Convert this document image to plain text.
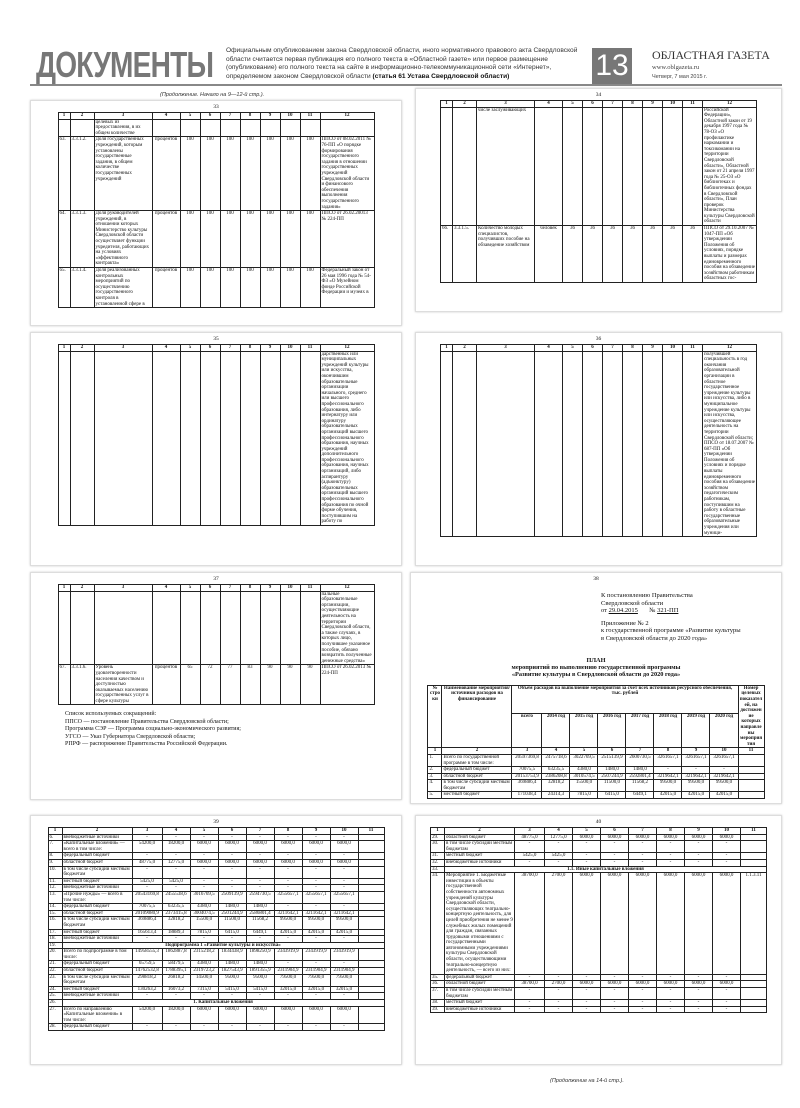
ДОКУМЕНТЫ Официальным опубликованием закона Свердловской области, иного нормативного правового акта Свердловской области считается первая публикация его полного текста в «Областной газете» или первое размещение (опубликование) его полного текста на сайте в информационно-телекоммуникационной сети «Интернет», определяемом законом Свердловской области (статья 61 Устава Свердловской области)	13 ОБЛАСТНАЯ ГАЗЕТА
www.oblgazeta.ru
Четверг, 7 мая 2015 г.
(Продолжение. Начало на 9—12-й стр.).
33
1	2	3	4	5	6	7	8	9	10	11	12
		целевых из предоставления, в их общем количестве									
63.	3.3.1.2.	Доля государственных учреждений, которым установлены государственные задания, в общем количестве государственных учреждений	процентов	100	100	100	100	100	100	100	ППСО от 08.02.2011 № 76-ПП «О порядке формирования государственного задания в отношении государственных учреждений Свердловской области и финансового обеспечения выполнения государственного задания»
64.	3.3.1.3.	Доля руководителей учреждений, в отношении которых Министерство культуры Свердловской области осуществляет функции учредителя, работающих на условиях «эффективного контракта»	процентов	100	100	100	100	100	100	100	ППСО от 26.02.20013 № 224-ПП
65.	3.3.1.4.	Доля реализованных контрольных мероприятий по осуществлению государственного контроля в установленной сфере в	процентов	100	100	100	100	100	100	100	Федеральный закон от 26 мая 1996 года № 54-ФЗ «О Музейном фонде Российской Федерации и музеях в
34
1	2	3	4	5	6	7	8	9	10	11	12
		числе заслуживающих									Российской Федерации», Областной закон от 19 декабря 1997 года № 78-ОЗ «О профилактике наркомании и токсикомании на территории Свердловской области», Областной закон от 21 апреля 1997 года № 25-ОЗ «О библиотеках и библиотечных фондах в Свердловской области», План проверок Министерства культуры Свердловской области
66.	3.3.1.5.	Количество молодых специалистов, получивших пособие на обзаведение хозяйством	человек	36	36	36	36	36	36	36	ППСО от 29.10.2007 № 1047-ПП «Об утверждении Положения об условиях, порядке выплаты и размерах единовременного пособия на обзаведение хозяйством работникам областных гос-
35
1	2	3	4	5	6	7	8	9	10	11	12
											дарственных или муниципальных учреждений культуры или искусства, окончившим образовательные организации начального, среднего или высшего профессионального образования, либо интернатуру или ординатуру образовательных организаций высшего профессионального образования, научных учреждений дополнительного профессионального образования, научных организаций, либо аспирантуру (адъюнктуру) образовательных организаций высшего профессионального образования по очной форме обучения, поступившим на работу по
36
1	2	3	4	5	6	7	8	9	10	11	12
											получившей специальность в год окончания образовательной организации в областное государственное учреждение культуры или искусства, либо в муниципальное учреждение культуры или искусства, осуществляющее деятельность на территории Свердловской области; ППСО от 18.07.2007 № 687-ПП «Об утверждении Положения об условиях и порядке выплаты единовременного пособия на обзаведение хозяйством педагогическим работникам, поступившим на работу в областные государственные образовательные учреждения или муници-
37
1	2	3	4	5	6	7	8	9	10	11	12
											пальные образовательные организации, осуществляющие деятельность на территории Свердловской области, а также случаях, в которых лицо, получившее указанное пособие, обязано возвратить полученные денежные средства»
67.	3.3.1.6.	Уровень удовлетворенности населения качеством и доступностью оказываемых населению государственных услуг в сфере культуры	процентов	65	72	77	83	90	90	90	ППСО от 26.02.2013 № 224-ПП
Список используемых сокращений:
ППСО — постановление Правительства Свердловской области;
Программа СЭР — Программа социально-экономического развития;
УГСО — Указ Губернатора Свердловской области;
РПРФ — распоряжение Правительства Российской Федерации.
38
К постановлению Правительства Свердловской области
от 29.04.2015 № 321-ПП
Приложение № 2
к государственной программе «Развитие культуры в Свердловской области до 2020 года»
ПЛАН
мероприятий по выполнению государственной программы
«Развитие культуры в Свердловской области до 2020 года»
№ строки	Наименование мероприятия/ источники расходов на финансирование	Объем расходов на выполнение мероприятия за счет всех источников ресурсного обеспечения, тыс. рублей								Номер целевых показателей, на достижение которых направлены мероприятия
		всего	2014 год	2015 год	2016 год	2017 год	2018 год	2019 год	2020 год	
1	2	3	4	5	6	7	8	9	10	11
1.	Всего по государственной программе в том числе:	20597369,8	2475718,6	3022769,5	2515139,9	2600730,5	3261657,1	3261657,1	3261657,1	
2.	федеральный бюджет	70075,5	63235,5	4380,0	1480,0	1480,0	-	-	-	
3.	областной бюджет	20153753,9	2386208,8	3010574,5	2507244,9	2592801,4	3219642,1	3219642,1	3219642,1	
4.	в том числе субсидии местным бюджетам	369886,4	32818,2	15500,0	11500,0	11568,2	99500,0	99500,0	99500,0	
5.	местный бюджет	171038,4	24314,3	7815,0	6415,0	6449,1	42015,0	42015,0	42015,0	
39
1	2	3	4	5	6	7	8	9	10	11
6.	внебюджетные источники	-	-	-	-	-	-	-	-	
7.	«Капитальные вложения» — всего в том числе:	54200,0	18200,0	6000,0	6000,0	6000,0	6000,0	6000,0	6000,0	
8.	федеральный бюджет	-	-	-	-	-	-	-	-	
9.	областной бюджет	48775,0	12775,0	6000,0	6000,0	6000,0	6000,0	6000,0	6000,0	
10.	в том числе субсидии местным бюджетам	-	-	-	-	-	-	-	-	
11.	местный бюджет	5425,0	5425,0	-	-	-	-	-	-	
12.	внебюджетные источники	-	-	-	-	-	-	-	-	
13.	«Прочие нужды» — всего в том числе:	20543169,8	2455538,6	3016769,5	2509139,9	2594730,5	3255657,1	3255657,1	3255657,1	
14.	федеральный бюджет	70075,5	63235,5	4380,0	1480,0	1480,0	-	-	-	
15.	областной бюджет	20109080,9	2373415,8	3004074,5	2501244,9	2586801,4	3211642,1	3211642,1	3211642,1	
16.	в том числе субсидии местным бюджетам	369886,4	32818,2	15500,0	11500,0	11568,2	99500,0	99500,0	99500,0	
17.	местный бюджет	165613,4	18889,3	7815,0	6415,0	6449,1	42015,0	42015,0	42015,0	
18.	внебюджетные источники	-	-	-	-	-	-	-	-	
19.	Подпрограмма 1 «Развитие культуры и искусства»									
20.	Всего по подпрограмме в том числе:	14958555,3	1862887,8	2315218,2	1834438,9	1898250,9	2343919,9	2343919,9	2343919,9	
21.	федеральный бюджет	65759,5	58479,5	4380,0	1480,0	1480,0	-	-	-	
22.	областной бюджет	14762532,8	1788395,1	2319723,2	1827543,9	1891355,9	2311904,9	2311904,9	2311904,9	
23.	в том числе субсидии местным бюджетам	298818,2	26818,2	14500,0	9500,0	9500,0	79500,0	79500,0	79500,0	
24.	местный бюджет	130263,2	16073,2	7315,0	5415,0	5415,0	32015,0	32015,0	32015,0	
25.	внебюджетные источники	-	-	-	-	-	-	-	-	
26.	1. Капитальные вложения									
27.	Всего по направлению «Капитальные вложения» в том числе:	54200,0	18200,0	6000,0	6000,0	6000,0	6000,0	6000,0	6000,0	
28.	федеральный бюджет	-	-	-	-	-	-	-	-	
40
1	2	3	4	5	6	7	8	9	10	11
29.	областной бюджет	48775,0	12775,0	6000,0	6000,0	6000,0	6000,0	6000,0	6000,0	
30.	в том числе субсидии местным бюджетам	-	-	-	-	-	-	-	-	
31.	местный бюджет	5425,0	5425,0	-	-	-	-	-	-	
32.	внебюджетные источники	-	-	-	-	-	-	-	-	
33.	1.1. Иные капитальные вложения									
34.	Мероприятие 1. Бюджетные инвестиции в объекты государственной собственности автономных учреждений культуры Свердловской области, осуществляющих театрально-концертную деятельность, для целей приобретения не менее 9 служебных жилых помещений для граждан, связанных трудовыми отношениями с государственными автономными учреждениями культуры Свердловской области, осуществляющими театрально-концертную деятельность, — всего из них:	38700,0	2700,0	6000,0	6000,0	6000,0	6000,0	6000,0	6000,0	1.1.3.11
35.	федеральный бюджет	-	-	-	-	-	-	-	-	
36.	областной бюджет	38700,0	2700,0	6000,0	6000,0	6000,0	6000,0	6000,0	6000,0	
37.	в том числе субсидии местным бюджетам	-	-	-	-	-	-	-	-	
38.	местный бюджет	-	-	-	-	-	-	-	-	
39.	внебюджетные источники	-	-	-	-	-	-	-	-	
(Продолжение на 14-й стр.).
